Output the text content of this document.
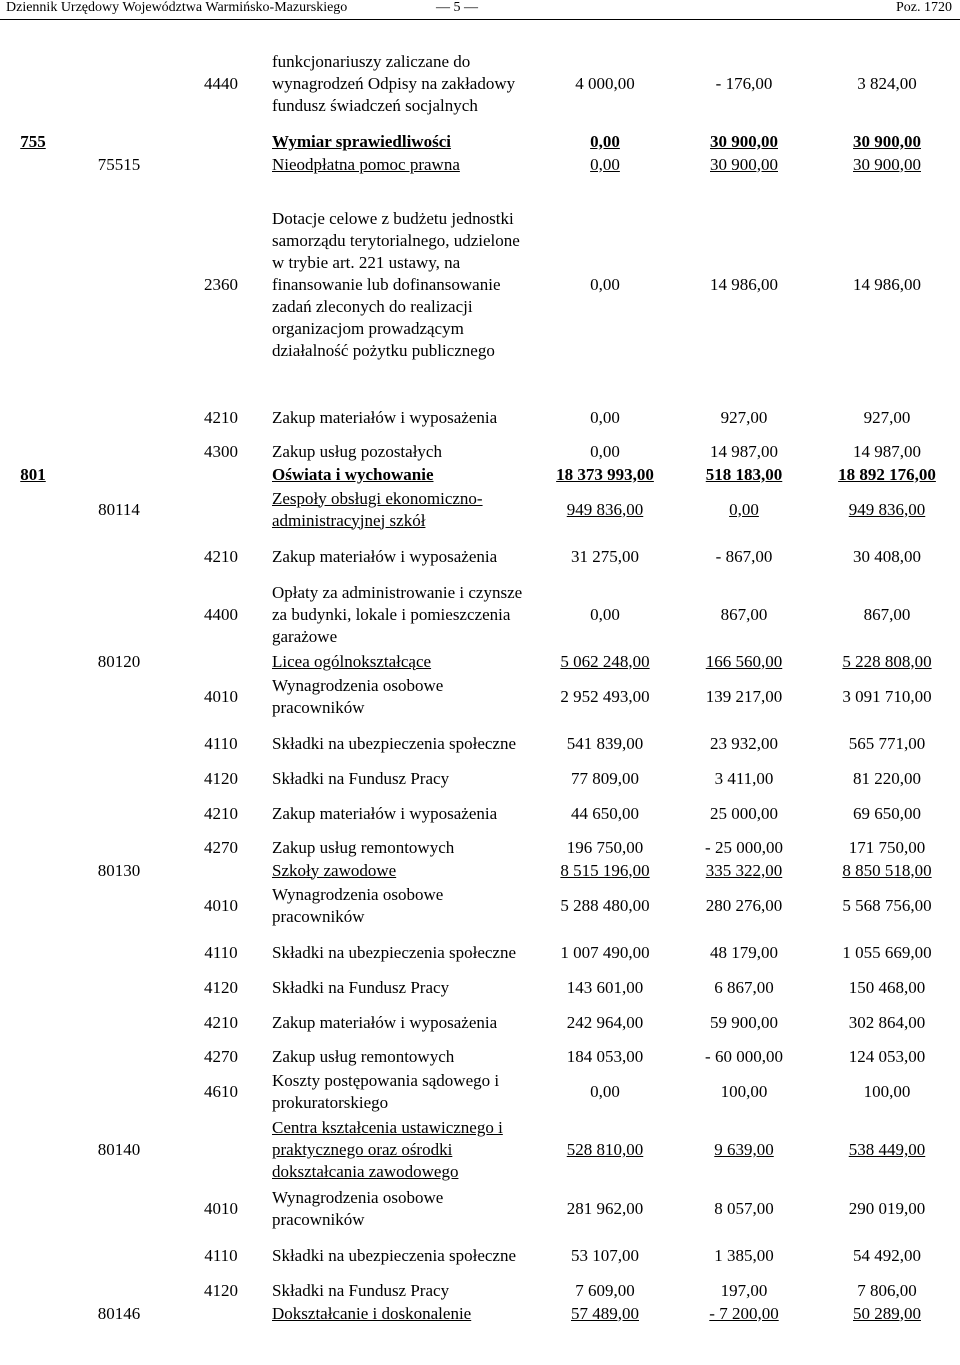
Dziennik Urzędowy Województwa Warmińsko-Mazurskiego	— 5 —	Poz. 1720
		4440	funkcjonariuszy zaliczane do wynagrodzeń Odpisy na zakładowy fundusz świadczeń socjalnych	4 000,00	- 176,00	3 824,00
755			Wymiar sprawiedliwości	0,00	30 900,00	30 900,00
	75515		Nieodpłatna pomoc prawna	0,00	30 900,00	30 900,00
		2360	Dotacje celowe z budżetu jednostki samorządu terytorialnego, udzielone w trybie art. 221 ustawy, na finansowanie lub dofinansowanie zadań zleconych do realizacji organizacjom prowadzącym działalność pożytku publicznego	0,00	14 986,00	14 986,00
		4210	Zakup materiałów i wyposażenia	0,00	927,00	927,00
		4300	Zakup usług pozostałych	0,00	14 987,00	14 987,00
801			Oświata i wychowanie	18 373 993,00	518 183,00	18 892 176,00
	80114		Zespoły obsługi ekonomiczno-administracyjnej szkół	949 836,00	0,00	949 836,00
		4210	Zakup materiałów i wyposażenia	31 275,00	- 867,00	30 408,00
		4400	Opłaty za administrowanie i czynsze za budynki, lokale i pomieszczenia garażowe	0,00	867,00	867,00
	80120		Licea ogólnokształcące	5 062 248,00	166 560,00	5 228 808,00
		4010	Wynagrodzenia osobowe pracowników	2 952 493,00	139 217,00	3 091 710,00
		4110	Składki na ubezpieczenia społeczne	541 839,00	23 932,00	565 771,00
		4120	Składki na Fundusz Pracy	77 809,00	3 411,00	81 220,00
		4210	Zakup materiałów i wyposażenia	44 650,00	25 000,00	69 650,00
		4270	Zakup usług remontowych	196 750,00	- 25 000,00	171 750,00
	80130		Szkoły zawodowe	8 515 196,00	335 322,00	8 850 518,00
		4010	Wynagrodzenia osobowe pracowników	5 288 480,00	280 276,00	5 568 756,00
		4110	Składki na ubezpieczenia społeczne	1 007 490,00	48 179,00	1 055 669,00
		4120	Składki na Fundusz Pracy	143 601,00	6 867,00	150 468,00
		4210	Zakup materiałów i wyposażenia	242 964,00	59 900,00	302 864,00
		4270	Zakup usług remontowych	184 053,00	- 60 000,00	124 053,00
		4610	Koszty postępowania sądowego i prokuratorskiego	0,00	100,00	100,00
	80140		Centra kształcenia ustawicznego i praktycznego oraz ośrodki dokształcania zawodowego	528 810,00	9 639,00	538 449,00
		4010	Wynagrodzenia osobowe pracowników	281 962,00	8 057,00	290 019,00
		4110	Składki na ubezpieczenia społeczne	53 107,00	1 385,00	54 492,00
		4120	Składki na Fundusz Pracy	7 609,00	197,00	7 806,00
	80146		Dokształcanie i doskonalenie	57 489,00	- 7 200,00	50 289,00
